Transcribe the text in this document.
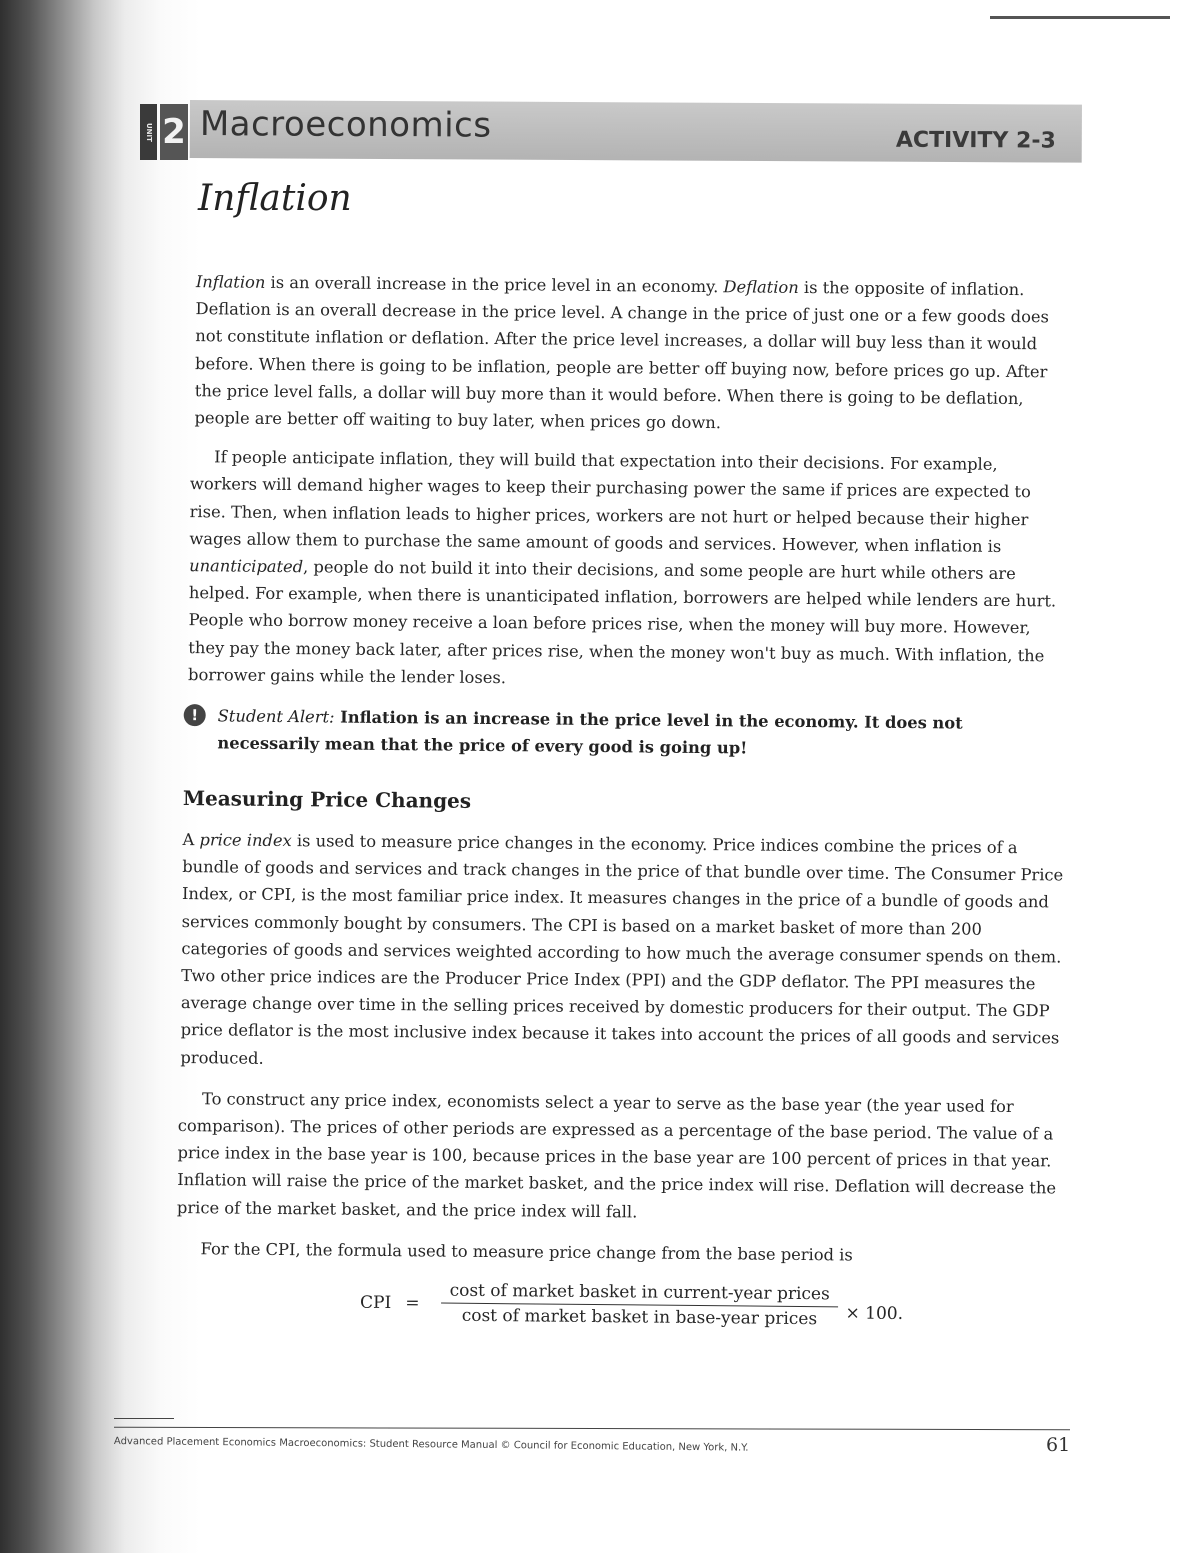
UNIT 2 Macroeconomics	ACTIVITY 2-3
Inflation

Inflation is an overall increase in the price level in an economy. Deflation is the opposite of inflation. Deflation is an overall decrease in the price level. A change in the price of just one or a few goods does not constitute inflation or deflation. After the price level increases, a dollar will buy less than it would before. When there is going to be inflation, people are better off buying now, before prices go up. After the price level falls, a dollar will buy more than it would before. When there is going to be deflation, people are better off waiting to buy later, when prices go down.

If people anticipate inflation, they will build that expectation into their decisions. For example, workers will demand higher wages to keep their purchasing power the same if prices are expected to rise. Then, when inflation leads to higher prices, workers are not hurt or helped because their higher wages allow them to purchase the same amount of goods and services. However, when inflation is unanticipated, people do not build it into their decisions, and some people are hurt while others are helped. For example, when there is unanticipated inflation, borrowers are helped while lenders are hurt. People who borrow money receive a loan before prices rise, when the money will buy more. However, they pay the money back later, after prices rise, when the money won't buy as much. With inflation, the borrower gains while the lender loses.

!	Student Alert: Inflation is an increase in the price level in the economy. It does not necessarily mean that the price of every good is going up!
Measuring Price Changes

A price index is used to measure price changes in the economy. Price indices combine the prices of a bundle of goods and services and track changes in the price of that bundle over time. The Consumer Price Index, or CPI, is the most familiar price index. It measures changes in the price of a bundle of goods and services commonly bought by consumers. The CPI is based on a market basket of more than 200 categories of goods and services weighted according to how much the average consumer spends on them. Two other price indices are the Producer Price Index (PPI) and the GDP deflator. The PPI measures the average change over time in the selling prices received by domestic producers for their output. The GDP price deflator is the most inclusive index because it takes into account the prices of all goods and services produced.

To construct any price index, economists select a year to serve as the base year (the year used for comparison). The prices of other periods are expressed as a percentage of the base period. The value of a price index in the base year is 100, because prices in the base year are 100 percent of prices in that year. Inflation will raise the price of the market basket, and the price index will rise. Deflation will decrease the price of the market basket, and the price index will fall.

For the CPI, the formula used to measure price change from the base period is

CPI = $\frac{\text{cost of market basket in current-year prices}}{\text{cost of market basket in base-year prices}} \times 100$.
Advanced Placement Economics Macroeconomics: Student Resource Manual © Council for Economic Education, New York, N.Y.	61
